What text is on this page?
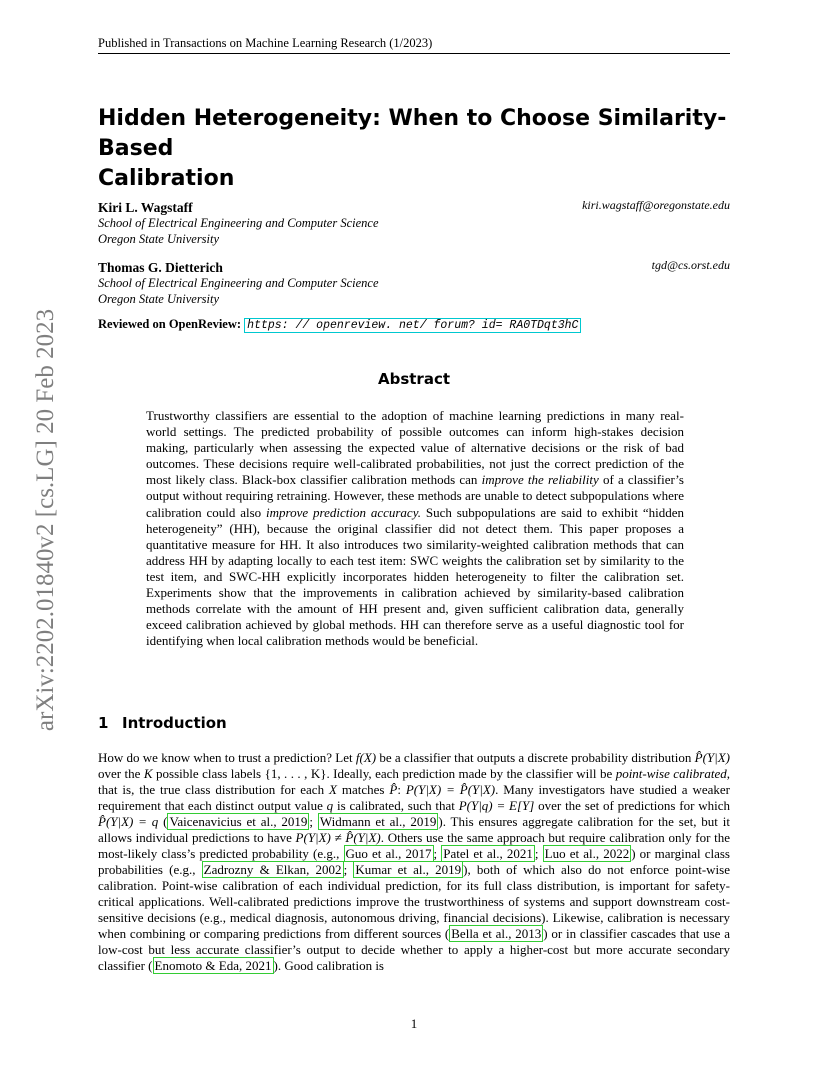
Published in Transactions on Machine Learning Research (1/2023)
Hidden Heterogeneity: When to Choose Similarity-Based
Calibration
Kiri L. Wagstaff	kiri.wagstaff@oregonstate.edu
School of Electrical Engineering and Computer Science
Oregon State University
Thomas G. Dietterich	tgd@cs.orst.edu
School of Electrical Engineering and Computer Science
Oregon State University
Reviewed on OpenReview: https: // openreview. net/ forum? id= RA0TDqt3hC
Abstract
Trustworthy classifiers are essential to the adoption of machine learning predictions in many real-world settings. The predicted probability of possible outcomes can inform high-stakes decision making, particularly when assessing the expected value of alternative decisions or the risk of bad outcomes. These decisions require well-calibrated probabilities, not just the correct prediction of the most likely class. Black-box classifier calibration methods can improve the reliability of a classifier’s output without requiring retraining. However, these methods are unable to detect subpopulations where calibration could also improve prediction accuracy. Such subpopulations are said to exhibit “hidden heterogeneity” (HH), because the original classifier did not detect them. This paper proposes a quantitative measure for HH. It also introduces two similarity-weighted calibration methods that can address HH by adapting locally to each test item: SWC weights the calibration set by similarity to the test item, and SWC-HH explicitly incorporates hidden heterogeneity to filter the calibration set. Experiments show that the improvements in calibration achieved by similarity-based calibration methods correlate with the amount of HH present and, given sufficient calibration data, generally exceed calibration achieved by global methods. HH can therefore serve as a useful diagnostic tool for identifying when local calibration methods would be beneficial.
1 Introduction
How do we know when to trust a prediction? Let f(X) be a classifier that outputs a discrete probability distribution P̂(Y|X) over the K possible class labels {1, . . . , K}. Ideally, each prediction made by the classifier will be point-wise calibrated, that is, the true class distribution for each X matches P̂: P(Y|X) = P̂(Y|X). Many investigators have studied a weaker requirement that each distinct output value q is calibrated, such that P(Y|q) = E[Y] over the set of predictions for which P̂(Y|X) = q ( Vaicenavicius et al., 2019 ; Widmann et al., 2019 ). This ensures aggregate calibration for the set, but it allows individual predictions to have P(Y|X) ≠ P̂(Y|X). Others use the same approach but require calibration only for the most-likely class’s predicted probability (e.g., Guo et al., 2017 ; Patel et al., 2021 ; Luo et al., 2022 ) or marginal class probabilities (e.g., Zadrozny & Elkan, 2002 ; Kumar et al., 2019 ), both of which also do not enforce point-wise calibration. Point-wise calibration of each individual prediction, for its full class distribution, is important for safety-critical applications. Well-calibrated predictions improve the trustworthiness of systems and support downstream cost-sensitive decisions (e.g., medical diagnosis, autonomous driving, financial decisions). Likewise, calibration is necessary when combining or comparing predictions from different sources ( Bella et al., 2013 ) or in classifier cascades that use a low-cost but less accurate classifier’s output to decide whether to apply a higher-cost but more accurate secondary classifier ( Enomoto & Eda, 2021 ). Good calibration is
1
arXiv:2202.01840v2 [cs.LG] 20 Feb 2023
